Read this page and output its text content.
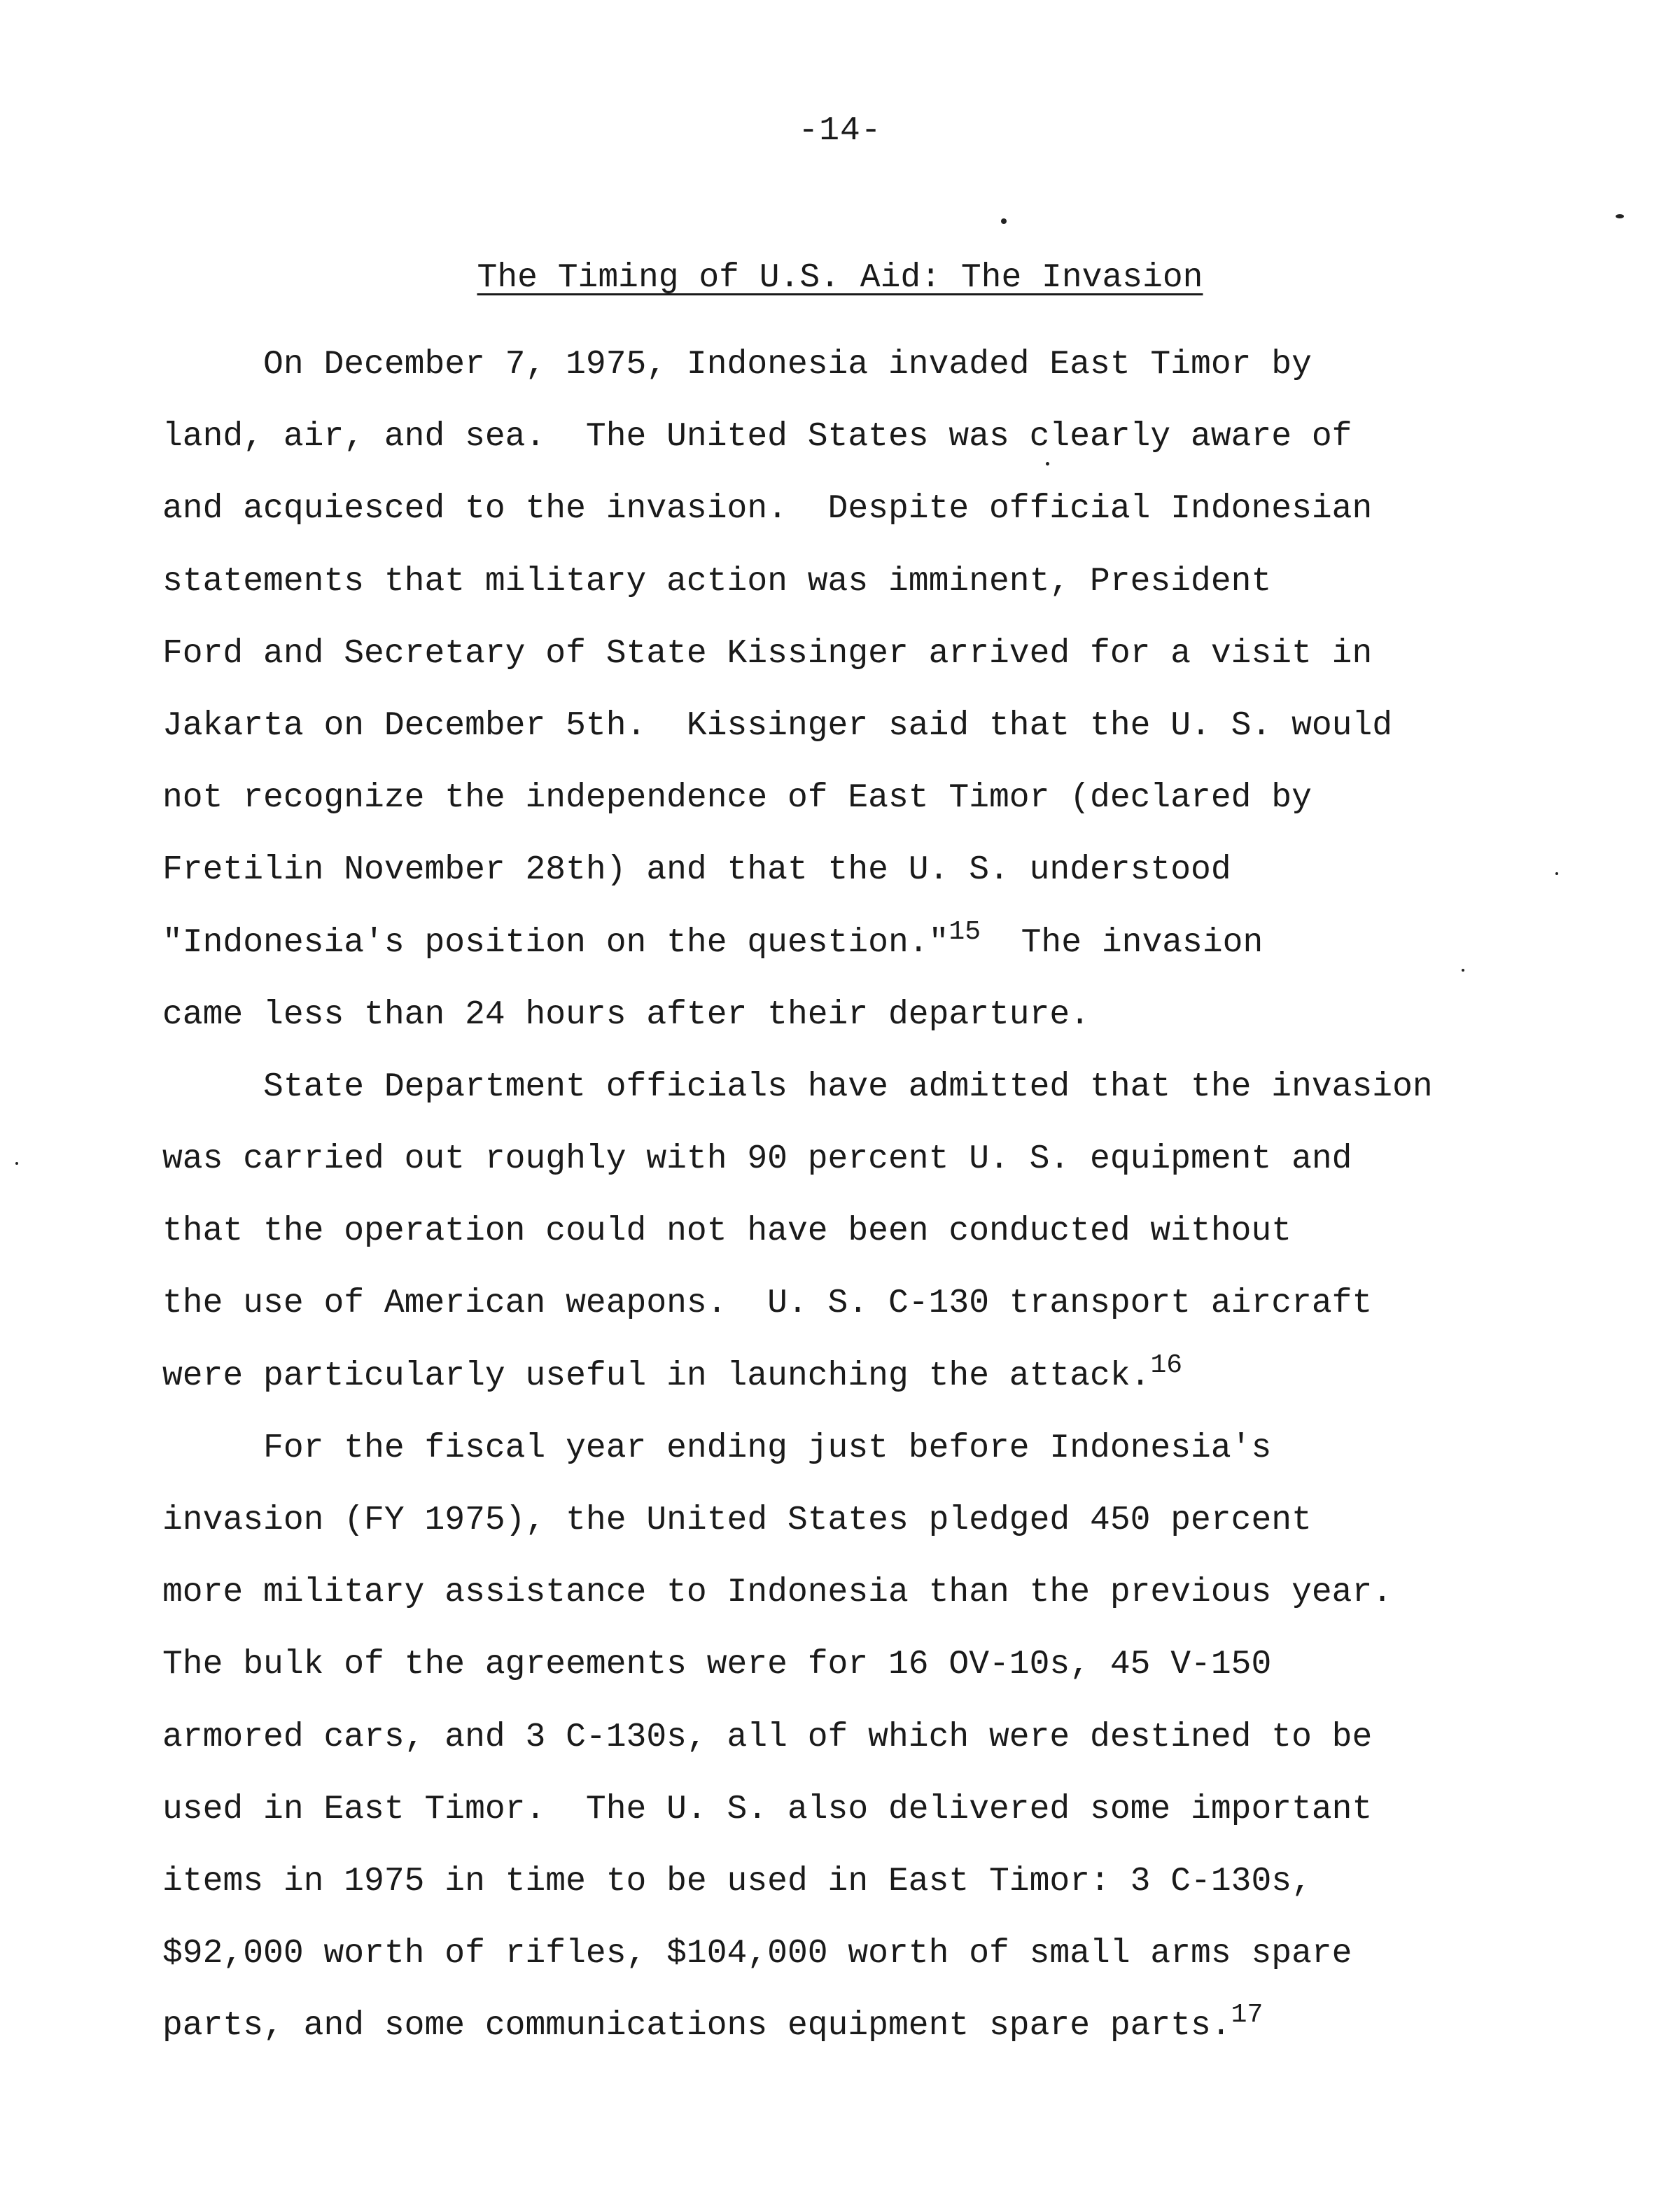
-14-
The Timing of U.S. Aid: The Invasion
On December 7, 1975, Indonesia invaded East Timor by
land, air, and sea.  The United States was clearly aware of
and acquiesced to the invasion.  Despite official Indonesian
statements that military action was imminent, President
Ford and Secretary of State Kissinger arrived for a visit in
Jakarta on December 5th.  Kissinger said that the U. S. would
not recognize the independence of East Timor (declared by
Fretilin November 28th) and that the U. S. understood
"Indonesia's position on the question."$^{15}$  The invasion
came less than 24 hours after their departure.
State Department officials have admitted that the invasion
was carried out roughly with 90 percent U. S. equipment and
that the operation could not have been conducted without
the use of American weapons.  U. S. C-130 transport aircraft
were particularly useful in launching the attack.$^{16}$
For the fiscal year ending just before Indonesia's
invasion (FY 1975), the United States pledged 450 percent
more military assistance to Indonesia than the previous year.
The bulk of the agreements were for 16 OV-10s, 45 V-150
armored cars, and 3 C-130s, all of which were destined to be
used in East Timor.  The U. S. also delivered some important
items in 1975 in time to be used in East Timor: 3 C-130s,
$92,000 worth of rifles, $104,000 worth of small arms spare
parts, and some communications equipment spare parts.$^{17}$
